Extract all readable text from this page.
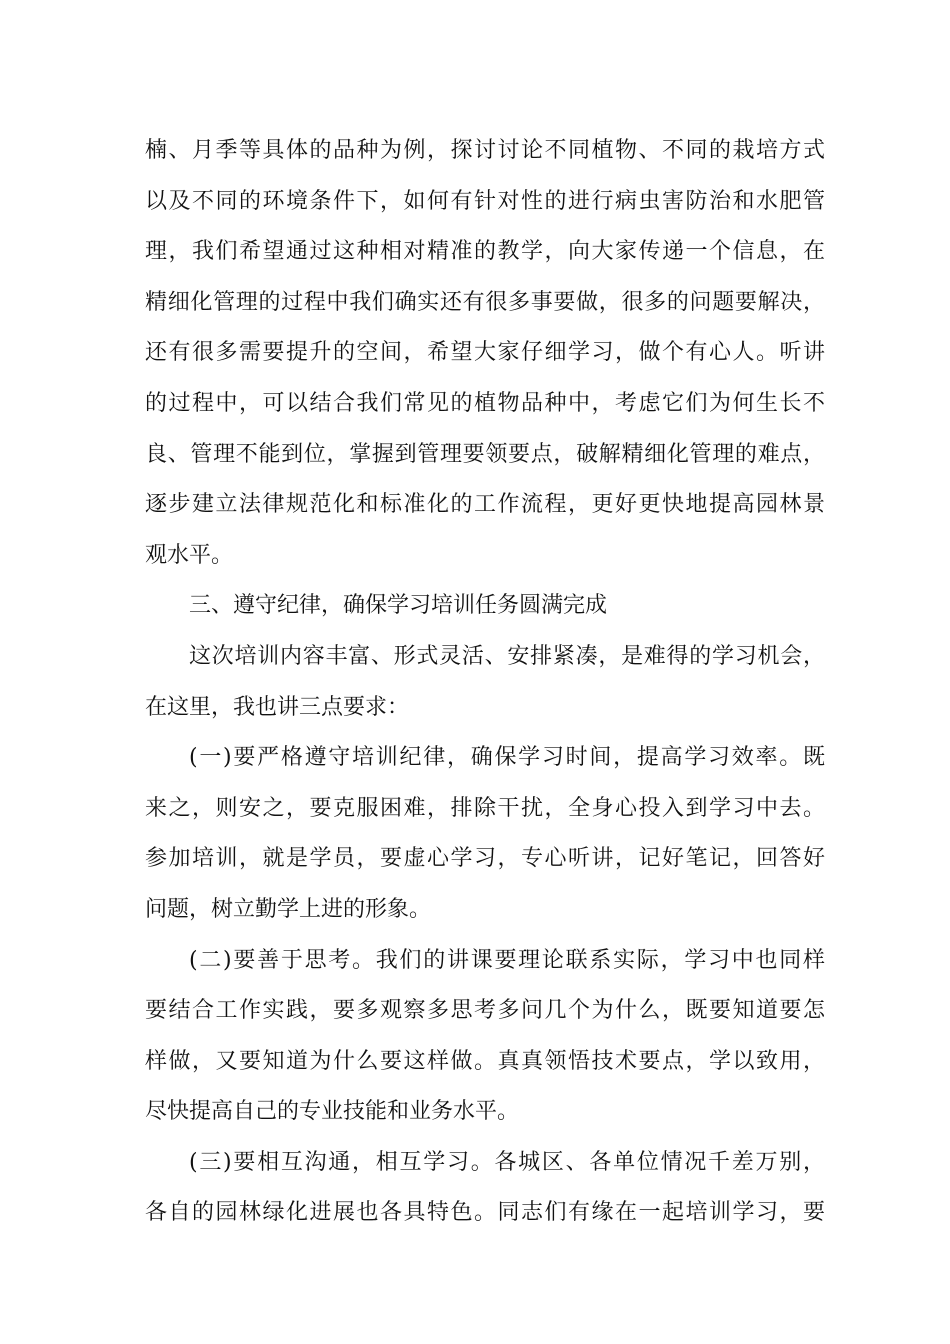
楠、月季等具体的品种为例，探讨讨论不同植物、不同的栽培方式
以及不同的环境条件下，如何有针对性的进行病虫害防治和水肥管
理，我们希望通过这种相对精准的教学，向大家传递一个信息，在
精细化管理的过程中我们确实还有很多事要做，很多的问题要解决，
还有很多需要提升的空间，希望大家仔细学习，做个有心人。听讲
的过程中，可以结合我们常见的植物品种中，考虑它们为何生长不
良、管理不能到位，掌握到管理要领要点，破解精细化管理的难点，
逐步建立法律规范化和标准化的工作流程，更好更快地提高园林景
观水平。
三、遵守纪律，确保学习培训任务圆满完成
这次培训内容丰富、形式灵活、安排紧凑，是难得的学习机会，
在这里，我也讲三点要求：
(一)要严格遵守培训纪律，确保学习时间，提高学习效率。既
来之，则安之，要克服困难，排除干扰，全身心投入到学习中去。
参加培训，就是学员，要虚心学习，专心听讲，记好笔记，回答好
问题，树立勤学上进的形象。
(二)要善于思考。我们的讲课要理论联系实际，学习中也同样
要结合工作实践，要多观察多思考多问几个为什么，既要知道要怎
样做，又要知道为什么要这样做。真真领悟技术要点，学以致用，
尽快提高自己的专业技能和业务水平。
(三)要相互沟通，相互学习。各城区、各单位情况千差万别，
各自的园林绿化进展也各具特色。同志们有缘在一起培训学习，要
